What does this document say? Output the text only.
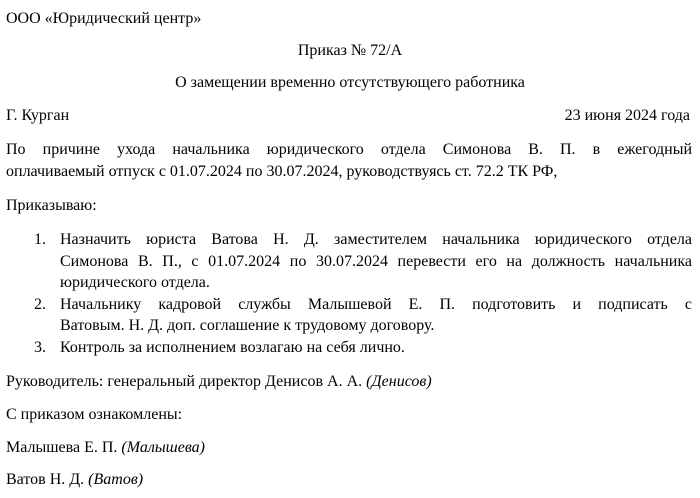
ООО «Юридический центр»
Приказ № 72/А
О замещении временно отсутствующего работника
Г. Курган	23 июня 2024 года
По причине ухода начальника юридического отдела Симонова В. П. в ежегодный
оплачиваемый отпуск с 01.07.2024 по 30.07.2024, руководствуясь ст. 72.2 ТК РФ,
Приказываю:
1. Назначить юриста Ватова Н. Д. заместителем начальника юридического отдела
Симонова В. П., с 01.07.2024 по 30.07.2024 перевести его на должность начальника
юридического отдела.
2. Начальнику кадровой службы Малышевой Е. П. подготовить и подписать с
Ватовым. Н. Д. доп. соглашение к трудовому договору.
3. Контроль за исполнением возлагаю на себя лично.
Руководитель: генеральный директор Денисов А. А. (Денисов)
С приказом ознакомлены:
Малышева Е. П. (Малышева)
Ватов Н. Д. (Ватов)
